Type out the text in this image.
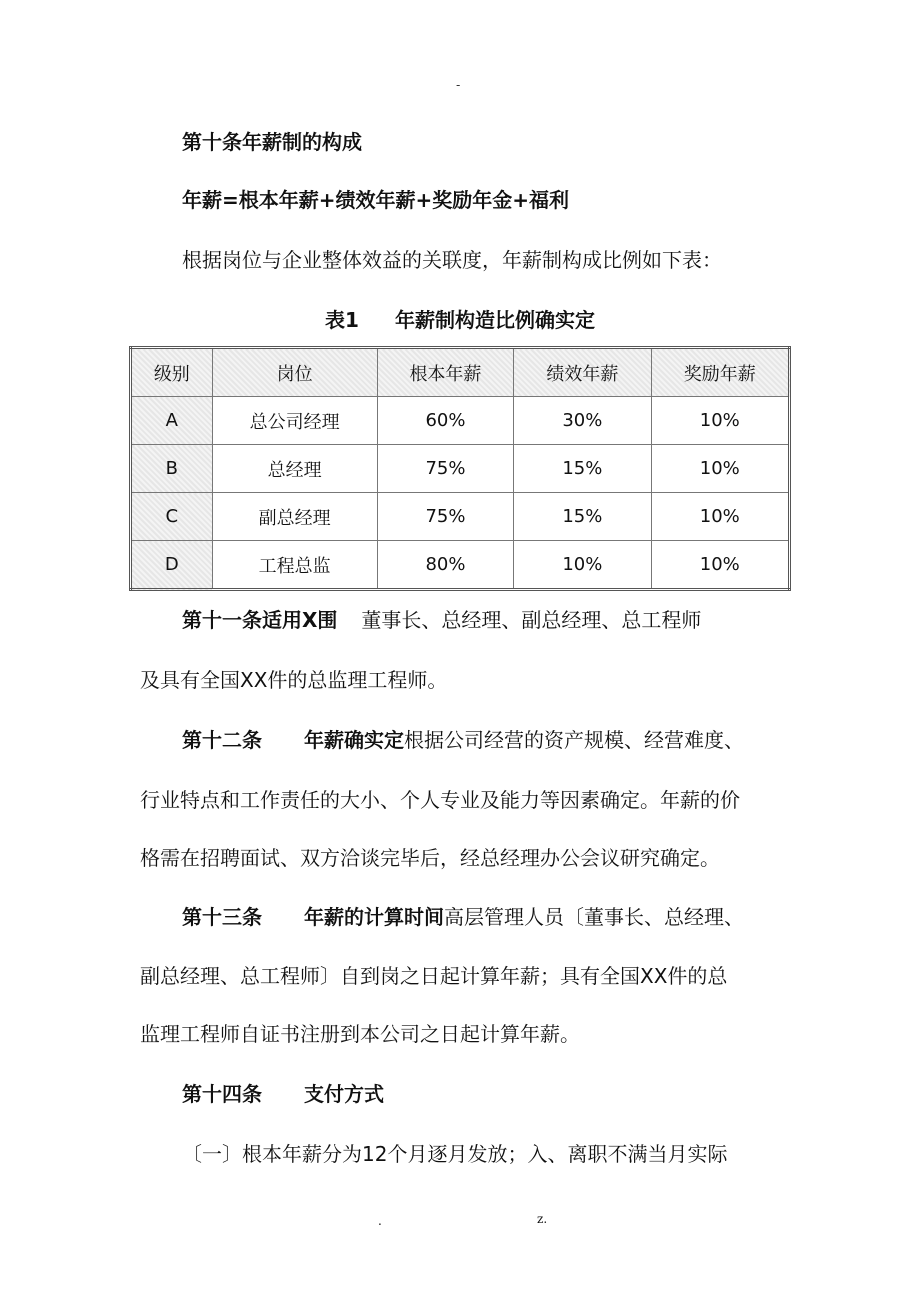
-
第十条年薪制的构成
年薪=根本年薪+绩效年薪+奖励年金+福利
根据岗位与企业整体效益的关联度，年薪制构成比例如下表：
表1 年薪制构造比例确实定
级别	岗位	根本年薪	绩效年薪	奖励年薪
A	总公司经理	60%	30%	10%
B	总经理	75%	15%	10%
C	副总经理	75%	15%	10%
D	工程总监	80%	10%	10%
第十一条适用X围 董事长、总经理、副总经理、总工程师
及具有全国XX件的总监理工程师。
第十二条 年薪确实定根据公司经营的资产规模、经营难度、
行业特点和工作责任的大小、个人专业及能力等因素确定。年薪的价
格需在招聘面试、双方洽谈完毕后，经总经理办公会议研究确定。
第十三条 年薪的计算时间高层管理人员〔董事长、总经理、
副总经理、总工程师〕自到岗之日起计算年薪；具有全国XX件的总
监理工程师自证书注册到本公司之日起计算年薪。
第十四条 支付方式
〔一〕根本年薪分为12个月逐月发放；入、离职不满当月实际
.	z.
